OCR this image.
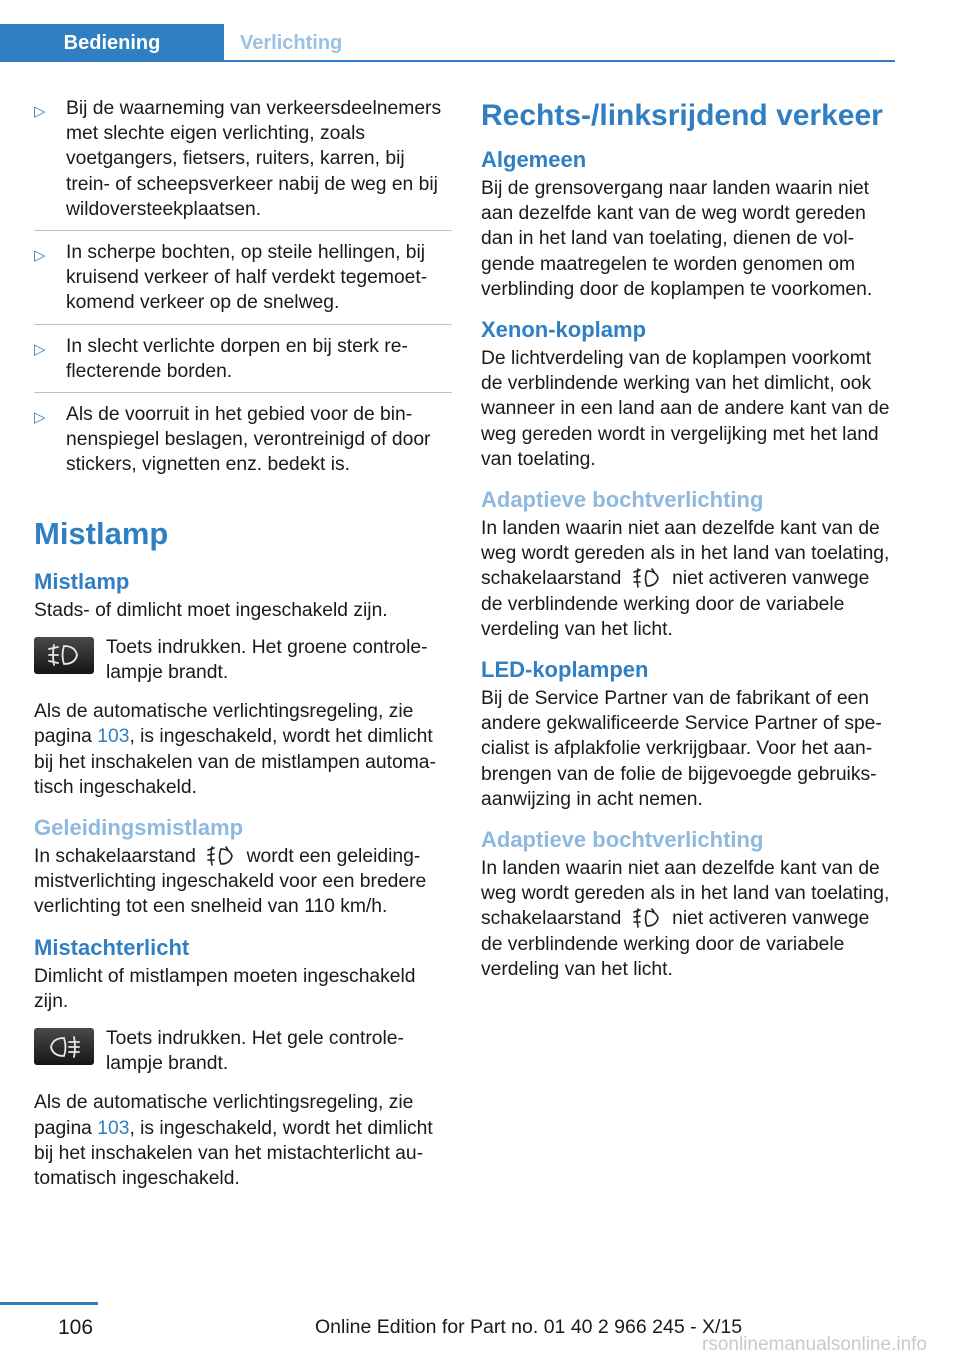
Bediening	Verlichting
▷ Bij de waarneming van verkeersdeelnemers met slechte eigen verlichting, zoals voetgangers, fietsers, ruiters, karren, bij trein- of scheepsverkeer nabij de weg en bij wildoversteekplaatsen.
▷ In scherpe bochten, op steile hellingen, bij kruisend verkeer of half verdekt tegemoetkomend verkeer op de snelweg.
▷ In slecht verlichte dorpen en bij sterk reflecterende borden.
▷ Als de voorruit in het gebied voor de binnenspiegel beslagen, verontreinigd of door stickers, vignetten enz. bedekt is.
Mistlamp
Mistlamp

Stads- of dimlicht moet ingeschakeld zijn.

Toets indrukken. Het groene controlelampje brandt.

Als de automatische verlichtingsregeling, zie pagina 103, is ingeschakeld, wordt het dimlicht bij het inschakelen van de mistlampen automatisch ingeschakeld.

Geleidingsmistlamp

In schakelaarstand	wordt een geleidingmistverlichting ingeschakeld voor een bredere verlichting tot een snelheid van 110 km/h.

Mistachterlicht

Dimlicht of mistlampen moeten ingeschakeld zijn.

Toets indrukken. Het gele controlelampje brandt.

Als de automatische verlichtingsregeling, zie pagina 103, is ingeschakeld, wordt het dimlicht bij het inschakelen van het mistachterlicht automatisch ingeschakeld.

Rechts-/linksrijdend verkeer
Algemeen

Bij de grensovergang naar landen waarin niet aan dezelfde kant van de weg wordt gereden dan in het land van toelating, dienen de volgende maatregelen te worden genomen om verblinding door de koplampen te voorkomen.

Xenon-koplamp

De lichtverdeling van de koplampen voorkomt de verblindende werking van het dimlicht, ook wanneer in een land aan de andere kant van de weg gereden wordt in vergelijking met het land van toelating.

Adaptieve bochtverlichting

In landen waarin niet aan dezelfde kant van de weg wordt gereden als in het land van toelating, schakelaarstand	niet activeren vanwege de verblindende werking door de variabele verdeling van het licht.

LED-koplampen

Bij de Service Partner van de fabrikant of een andere gekwalificeerde Service Partner of specialist is afplakfolie verkrijgbaar. Voor het aanbrengen van de folie de bijgevoegde gebruiksaanwijzing in acht nemen.

Adaptieve bochtverlichting

In landen waarin niet aan dezelfde kant van de weg wordt gereden als in het land van toelating, schakelaarstand	niet activeren vanwege de verblindende werking door de variabele verdeling van het licht.

106	Online Edition for Part no. 01 40 2 966 245 - X/15
rsonlinemanualsonline.info
